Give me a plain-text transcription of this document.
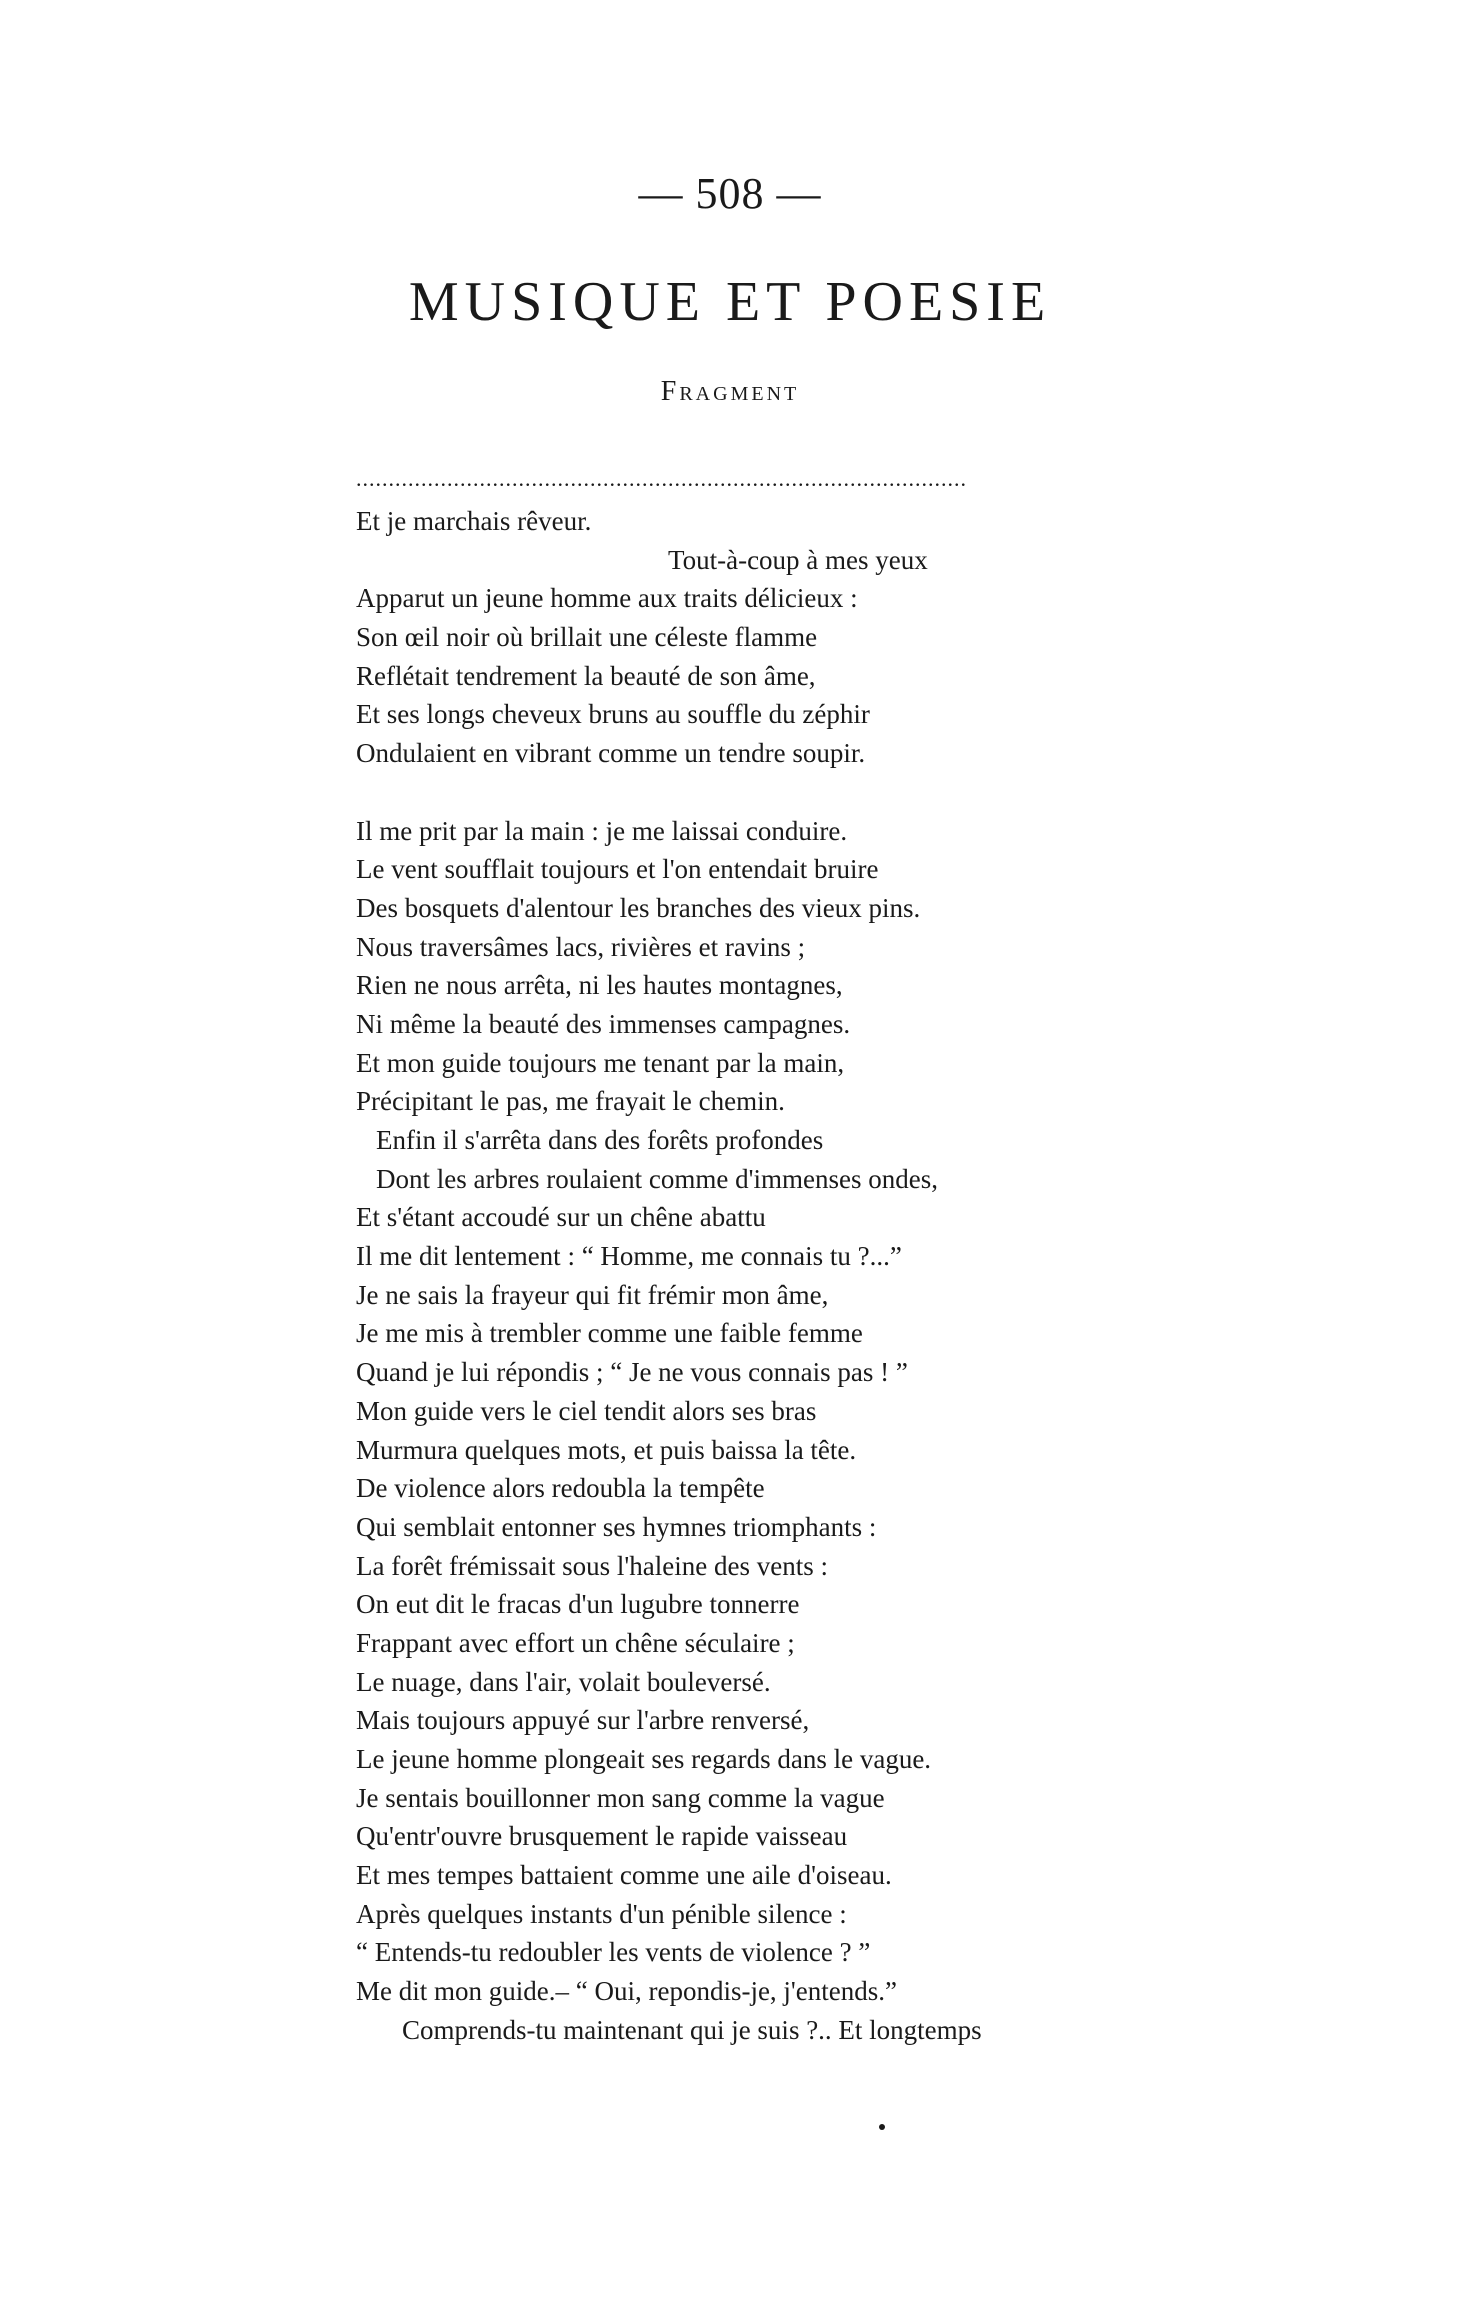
— 508 —
MUSIQUE ET POESIE
Fragment
..............................................................................................
Et je marchais rêveur.
Tout-à-coup à mes yeux
Apparut un jeune homme aux traits délicieux :
Son œil noir où brillait une céleste flamme
Reflétait tendrement la beauté de son âme,
Et ses longs cheveux bruns au souffle du zéphir
Ondulaient en vibrant comme un tendre soupir.
Il me prit par la main : je me laissai conduire.
Le vent soufflait toujours et l'on entendait bruire
Des bosquets d'alentour les branches des vieux pins.
Nous traversâmes lacs, rivières et ravins ;
Rien ne nous arrêta, ni les hautes montagnes,
Ni même la beauté des immenses campagnes.
Et mon guide toujours me tenant par la main,
Précipitant le pas, me frayait le chemin.
Enfin il s'arrêta dans des forêts profondes
Dont les arbres roulaient comme d'immenses ondes,
Et s'étant accoudé sur un chêne abattu
Il me dit lentement : “ Homme, me connais tu ?...”
Je ne sais la frayeur qui fit frémir mon âme,
Je me mis à trembler comme une faible femme
Quand je lui répondis ; “ Je ne vous connais pas ! ”
Mon guide vers le ciel tendit alors ses bras
Murmura quelques mots, et puis baissa la tête.
De violence alors redoubla la tempête
Qui semblait entonner ses hymnes triomphants :
La forêt frémissait sous l'haleine des vents :
On eut dit le fracas d'un lugubre tonnerre
Frappant avec effort un chêne séculaire ;
Le nuage, dans l'air, volait bouleversé.
Mais toujours appuyé sur l'arbre renversé,
Le jeune homme plongeait ses regards dans le vague.
Je sentais bouillonner mon sang comme la vague
Qu'entr'ouvre brusquement le rapide vaisseau
Et mes tempes battaient comme une aile d'oiseau.
Après quelques instants d'un pénible silence :
“ Entends-tu redoubler les vents de violence ? ”
Me dit mon guide.– “ Oui, repondis-je, j'entends.”
Comprends-tu maintenant qui je suis ?.. Et longtemps
